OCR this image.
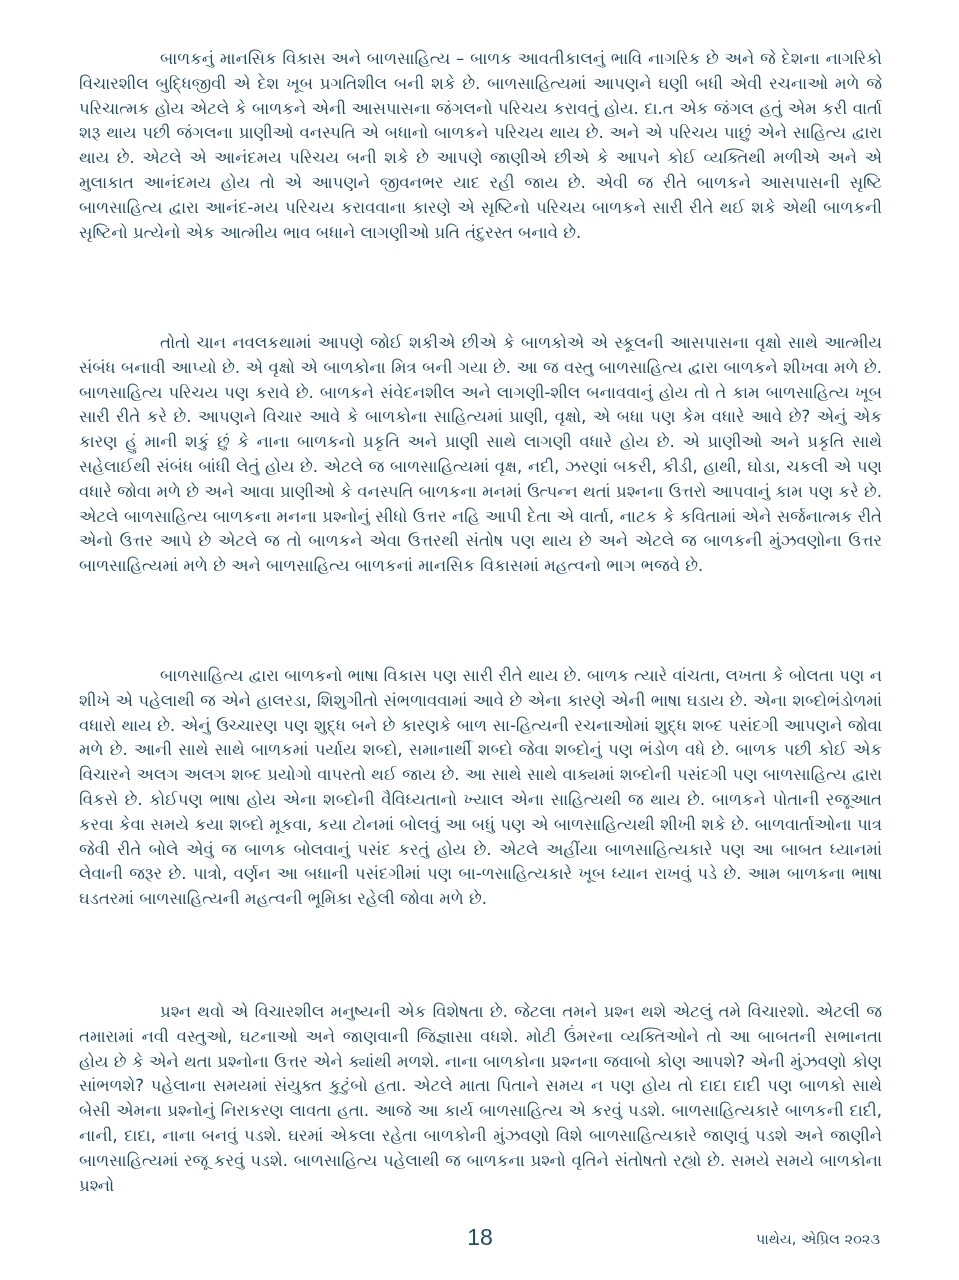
બાળકનું માનસિક વિકાસ અને બાળસાહિત્ય – બાળક આવતીકાલનું ભાવિ નાગરિક છે અને જે દેશના નાગરિકો વિચારશીલ બુદ્ધિજીવી એ દેશ ખૂબ પ્રગતિશીલ બની શકે છે. બાળસાહિત્યમાં આપણને ઘણી બધી એવી રચનાઓ મળે જે પરિચાત્મક હોય એટલે કે બાળકને એની આસપાસના જંગલનો પરિચય કરાવતું હોય. દા.ત એક જંગલ હતું એમ કરી વાર્તા શરૂ થાય પછી જંગલના પ્રાણીઓ વનસ્પતિ એ બધાનો બાળકને પરિચય થાય છે. અને એ પરિચય પાછું એને સાહિત્ય દ્વારા થાય છે. એટલે એ આનંદમય પરિચય બની શકે છે આપણે જાણીએ છીએ કે આપને કોઈ વ્યક્તિથી મળીએ અને એ મુલાકાત આનંદમય હોય તો એ આપણને જીવનભર યાદ રહી જાય છે. એવી જ રીતે બાળકને આસપાસની સૃષ્ટિ બાળસાહિત્ય દ્વારા આનંદ-મય પરિચય કરાવવાના કારણે એ સૃષ્ટિનો પરિચય બાળકને સારી રીતે થઈ શકે એથી બાળકની સૃષ્ટિનો પ્રત્યેનો એક આત્મીય ભાવ બધાને લાગણીઓ પ્રતિ તંદુરસ્ત બનાવે છે.

તોતો ચાન નવલકથામાં આપણે જોઈ શકીએ છીએ કે બાળકોએ એ સ્કૂલની આસપાસના વૃક્ષો સાથે આત્મીય સંબંધ બનાવી આપ્યો છે. એ વૃક્ષો એ બાળકોના મિત્ર બની ગયા છે. આ જ વસ્તુ બાળસાહિત્ય દ્વારા બાળકને શીખવા મળે છે. બાળસાહિત્ય પરિચય પણ કરાવે છે. બાળકને સંવેદનશીલ અને લાગણી-શીલ બનાવવાનું હોય તો તે કામ બાળસાહિત્ય ખૂબ સારી રીતે કરે છે. આપણને વિચાર આવે કે બાળકોના સાહિત્યમાં પ્રાણી, વૃક્ષો, એ બધા પણ કેમ વધારે આવે છે? એનું એક કારણ હું માની શકું છું કે નાના બાળકનો પ્રકૃતિ અને પ્રાણી સાથે લાગણી વધારે હોય છે. એ પ્રાણીઓ અને પ્રકૃતિ સાથે સહેલાઈથી સંબંધ બાંધી લેતું હોય છે. એટલે જ બાળસાહિત્યમાં વૃક્ષ, નદી, ઝરણાં બકરી, કીડી, હાથી, ઘોડા, ચકલી એ પણ વધારે જોવા મળે છે અને આવા પ્રાણીઓ કે વનસ્પતિ બાળકના મનમાં ઉત્પન્ન થતાં પ્રશ્નના ઉત્તરો આપવાનું કામ પણ કરે છે. એટલે બાળસાહિત્ય બાળકના મનના પ્રશ્નોનું સીધો ઉત્તર નહિ આપી દેતા એ વાર્તા, નાટક કે કવિતામાં એને સર્જનાત્મક રીતે એનો ઉત્તર આપે છે એટલે જ તો બાળકને એવા ઉત્તરથી સંતોષ પણ થાય છે અને એટલે જ બાળકની મુંઝવણોના ઉત્તર બાળસાહિત્યમાં મળે છે અને બાળસાહિત્ય બાળકનાં માનસિક વિકાસમાં મહત્વનો ભાગ ભજવે છે.

બાળસાહિત્ય દ્વારા બાળકનો ભાષા વિકાસ પણ સારી રીતે થાય છે. બાળક ત્યારે વાંચતા, લખતા કે બોલતા પણ ન શીખે એ પહેલાથી જ એને હાલરડા, શિશુગીતો સંભળાવવામાં આવે છે એના કારણે એની ભાષા ઘડાય છે. એના શબ્દોભંડોળમાં વધારો થાય છે. એનું ઉચ્ચારણ પણ શુદ્ધ બને છે કારણકે બાળ સા-હિત્યની રચનાઓમાં શુદ્ધ શબ્દ પસંદગી આપણને જોવા મળે છે. આની સાથે સાથે બાળકમાં પર્યાય શબ્દો, સમાનાર્થી શબ્દો જેવા શબ્દોનું પણ ભંડોળ વધે છે. બાળક પછી કોઈ એક વિચારને અલગ અલગ શબ્દ પ્રયોગો વાપરતો થઈ જાય છે. આ સાથે સાથે વાક્યમાં શબ્દોની પસંદગી પણ બાળસાહિત્ય દ્વારા વિકસે છે. કોઈપણ ભાષા હોય એના શબ્દોની વૈવિધ્યતાનો ખ્યાલ એના સાહિત્યથી જ થાય છે. બાળકને પોતાની રજૂઆત કરવા કેવા સમયે કયા શબ્દો મૂકવા, કયા ટોનમાં બોલવું આ બધું પણ એ બાળસાહિત્યથી શીખી શકે છે. બાળવાર્તાઓના પાત્ર જેવી રીતે બોલે એવું જ બાળક બોલવાનું પસંદ કરતું હોય છે. એટલે અહીંયા બાળસાહિત્યકારે પણ આ બાબત ધ્યાનમાં લેવાની જરૂર છે. પાત્રો, વર્ણન આ બધાની પસંદગીમાં પણ બા-ળસાહિત્યકારે ખૂબ ધ્યાન રાખવું પડે છે. આમ બાળકના ભાષા ઘડતરમાં બાળસાહિત્યની મહત્વની ભૂમિકા રહેલી જોવા મળે છે.

પ્રશ્ન થવો એ વિચારશીલ મનુષ્યની એક વિશેષતા છે. જેટલા તમને પ્રશ્ન થશે એટલું તમે વિચારશો. એટલી જ તમારામાં નવી વસ્તુઓ, ઘટનાઓ અને જાણવાની જિજ્ઞાસા વધશે. મોટી ઉંમરના વ્યક્તિઓને તો આ બાબતની સભાનતા હોય છે કે એને થતા પ્રશ્નોના ઉત્તર એને ક્યાંથી મળશે. નાના બાળકોના પ્રશ્નના જવાબો કોણ આપશે? એની મુંઝવણો કોણ સાંભળશે? પહેલાના સમયમાં સંયુક્ત કુટુંબો હતા. એટલે માતા પિતાને સમય ન પણ હોય તો દાદા દાદી પણ બાળકો સાથે બેસી એમના પ્રશ્નોનું નિરાકરણ લાવતા હતા. આજે આ કાર્ય બાળસાહિત્ય એ કરવું પડશે. બાળસાહિત્યકારે બાળકની દાદી, નાની, દાદા, નાના બનવું પડશે. ઘરમાં એકલા રહેતા બાળકોની મુંઝવણો વિશે બાળસાહિત્યકારે જાણવું પડશે અને જાણીને બાળસાહિત્યમાં રજૂ કરવું પડશે. બાળસાહિત્ય પહેલાથી જ બાળકના પ્રશ્નો વૃતિને સંતોષતો રહ્યો છે. સમયે સમયે બાળકોના પ્રશ્નો

18	પાથેય, એપ્રિલ ૨૦૨૩
